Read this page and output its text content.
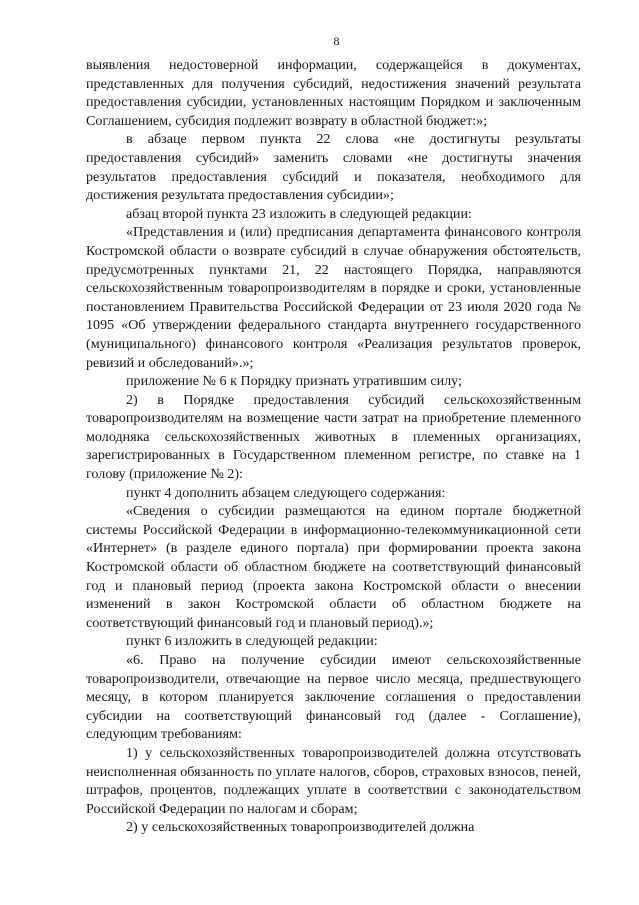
8

выявления недостоверной информации, содержащейся в документах, представленных для получения субсидий, недостижения значений результата предоставления субсидии, установленных настоящим Порядком и заключенным Соглашением, субсидия подлежит возврату в областной бюджет:»;

в абзаце первом пункта 22 слова «не достигнуты результаты предоставления субсидий» заменить словами «не достигнуты значения результатов предоставления субсидий и показателя, необходимого для достижения результата предоставления субсидии»;

абзац второй пункта 23 изложить в следующей редакции:

«Представления и (или) предписания департамента финансового контроля Костромской области о возврате субсидий в случае обнаружения обстоятельств, предусмотренных пунктами 21, 22 настоящего Порядка, направляются сельскохозяйственным товаропроизводителям в порядке и сроки, установленные постановлением Правительства Российской Федерации от 23 июля 2020 года № 1095 «Об утверждении федерального стандарта внутреннего государственного (муниципального) финансового контроля «Реализация результатов проверок, ревизий и обследований».»;

приложение № 6 к Порядку признать утратившим силу;

2) в Порядке предоставления субсидий сельскохозяйственным товаропроизводителям на возмещение части затрат на приобретение племенного молодняка сельскохозяйственных животных в племенных организациях, зарегистрированных в Государственном племенном регистре, по ставке на 1 голову (приложение № 2):

пункт 4 дополнить абзацем следующего содержания:

«Сведения о субсидии размещаются на едином портале бюджетной системы Российской Федерации в информационно-телекоммуникационной сети «Интернет» (в разделе единого портала) при формировании проекта закона Костромской области об областном бюджете на соответствующий финансовый год и плановый период (проекта закона Костромской области о внесении изменений в закон Костромской области об областном бюджете на соответствующий финансовый год и плановый период).»;

пункт 6 изложить в следующей редакции:

«6. Право на получение субсидии имеют сельскохозяйственные товаропроизводители, отвечающие на первое число месяца, предшествующего месяцу, в котором планируется заключение соглашения о предоставлении субсидии на соответствующий финансовый год (далее - Соглашение), следующим требованиям:

1) у сельскохозяйственных товаропроизводителей должна отсутствовать неисполненная обязанность по уплате налогов, сборов, страховых взносов, пеней, штрафов, процентов, подлежащих уплате в соответствии с законодательством Российской Федерации по налогам и сборам;

2) у сельскохозяйственных товаропроизводителей должна
